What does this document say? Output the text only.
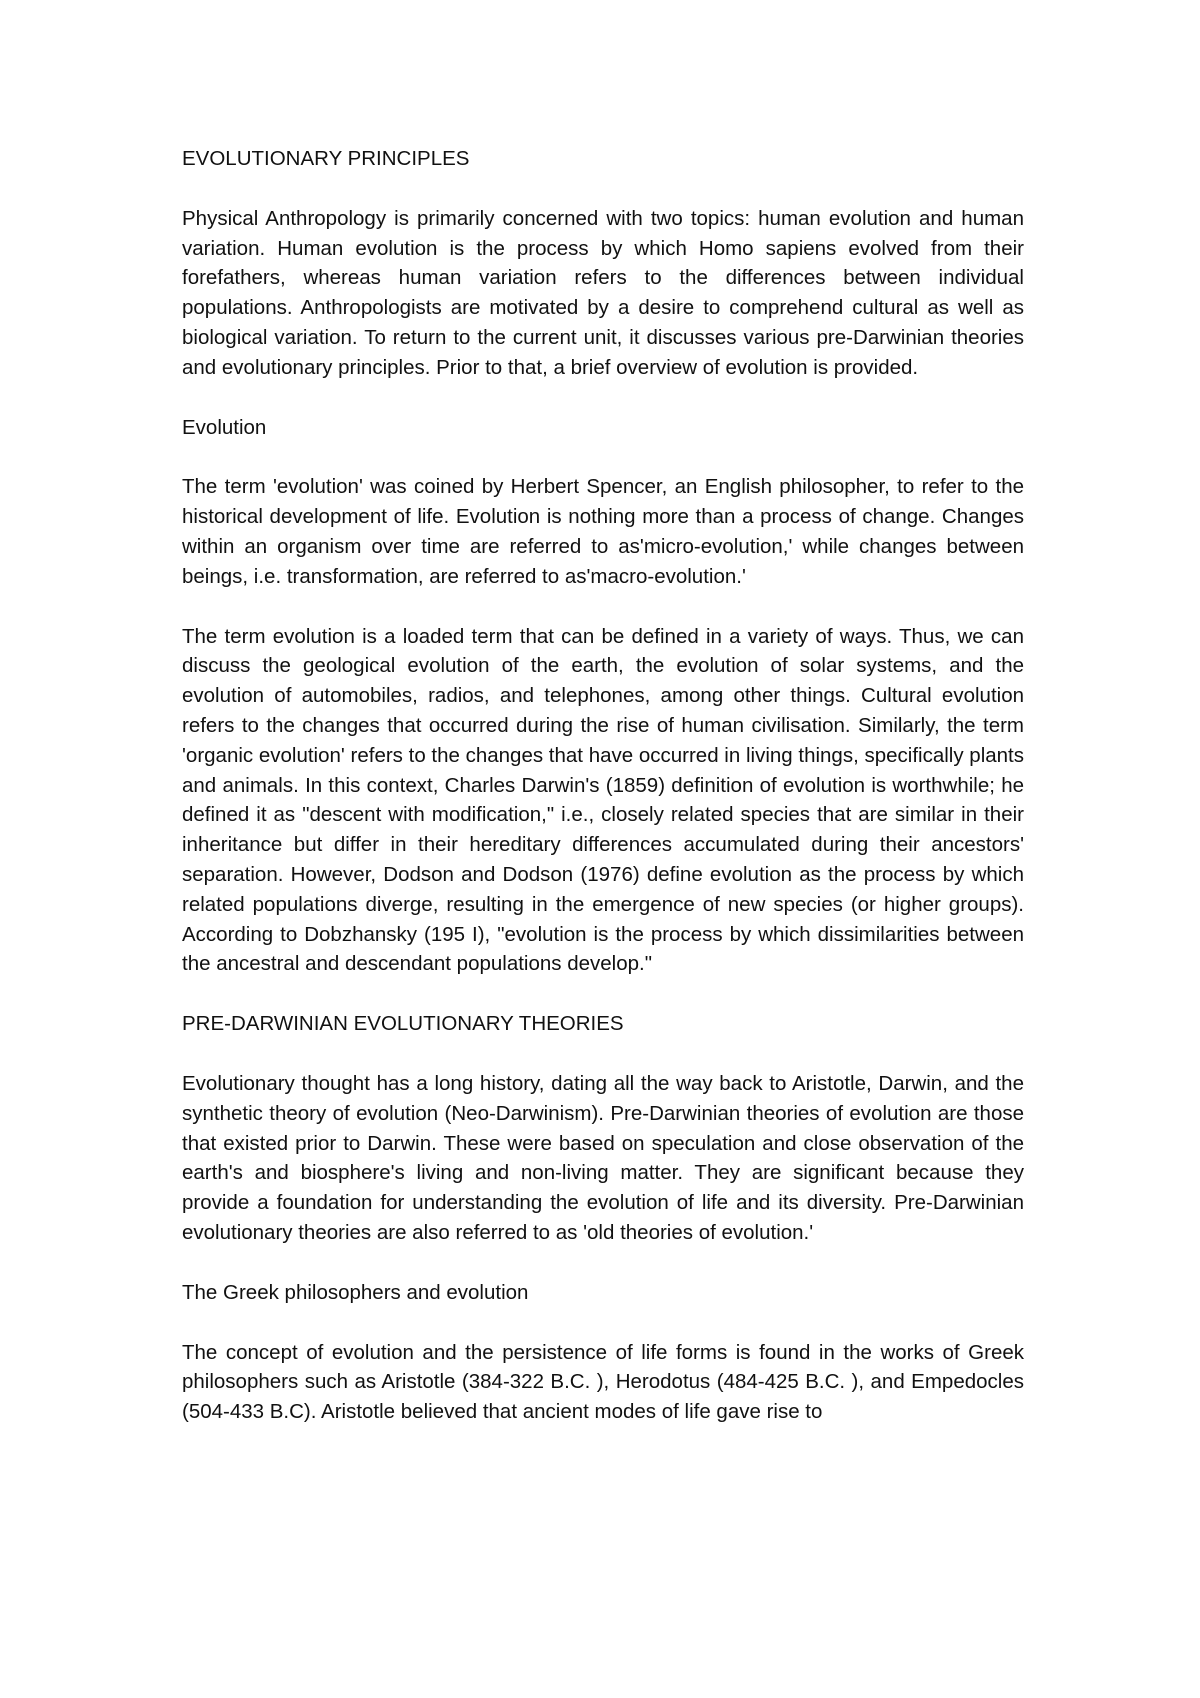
EVOLUTIONARY PRINCIPLES

Physical Anthropology is primarily concerned with two topics: human evolution and human variation. Human evolution is the process by which Homo sapiens evolved from their forefathers, whereas human variation refers to the differences between individual populations. Anthropologists are motivated by a desire to comprehend cultural as well as biological variation. To return to the current unit, it discusses various pre-Darwinian theories and evolutionary principles. Prior to that, a brief overview of evolution is provided.

Evolution

The term 'evolution' was coined by Herbert Spencer, an English philosopher, to refer to the historical development of life. Evolution is nothing more than a process of change. Changes within an organism over time are referred to as'micro-evolution,' while changes between beings, i.e. transformation, are referred to as'macro-evolution.'

The term evolution is a loaded term that can be defined in a variety of ways. Thus, we can discuss the geological evolution of the earth, the evolution of solar systems, and the evolution of automobiles, radios, and telephones, among other things. Cultural evolution refers to the changes that occurred during the rise of human civilisation. Similarly, the term 'organic evolution' refers to the changes that have occurred in living things, specifically plants and animals. In this context, Charles Darwin's (1859) definition of evolution is worthwhile; he defined it as "descent with modification," i.e., closely related species that are similar in their inheritance but differ in their hereditary differences accumulated during their ancestors' separation. However, Dodson and Dodson (1976) define evolution as the process by which related populations diverge, resulting in the emergence of new species (or higher groups). According to Dobzhansky (195 I), "evolution is the process by which dissimilarities between the ancestral and descendant populations develop."

PRE-DARWINIAN EVOLUTIONARY THEORIES

Evolutionary thought has a long history, dating all the way back to Aristotle, Darwin, and the synthetic theory of evolution (Neo-Darwinism). Pre-Darwinian theories of evolution are those that existed prior to Darwin. These were based on speculation and close observation of the earth's and biosphere's living and non-living matter. They are significant because they provide a foundation for understanding the evolution of life and its diversity. Pre-Darwinian evolutionary theories are also referred to as 'old theories of evolution.'

The Greek philosophers and evolution

The concept of evolution and the persistence of life forms is found in the works of Greek philosophers such as Aristotle (384-322 B.C. ), Herodotus (484-425 B.C. ), and Empedocles (504-433 B.C). Aristotle believed that ancient modes of life gave rise to
